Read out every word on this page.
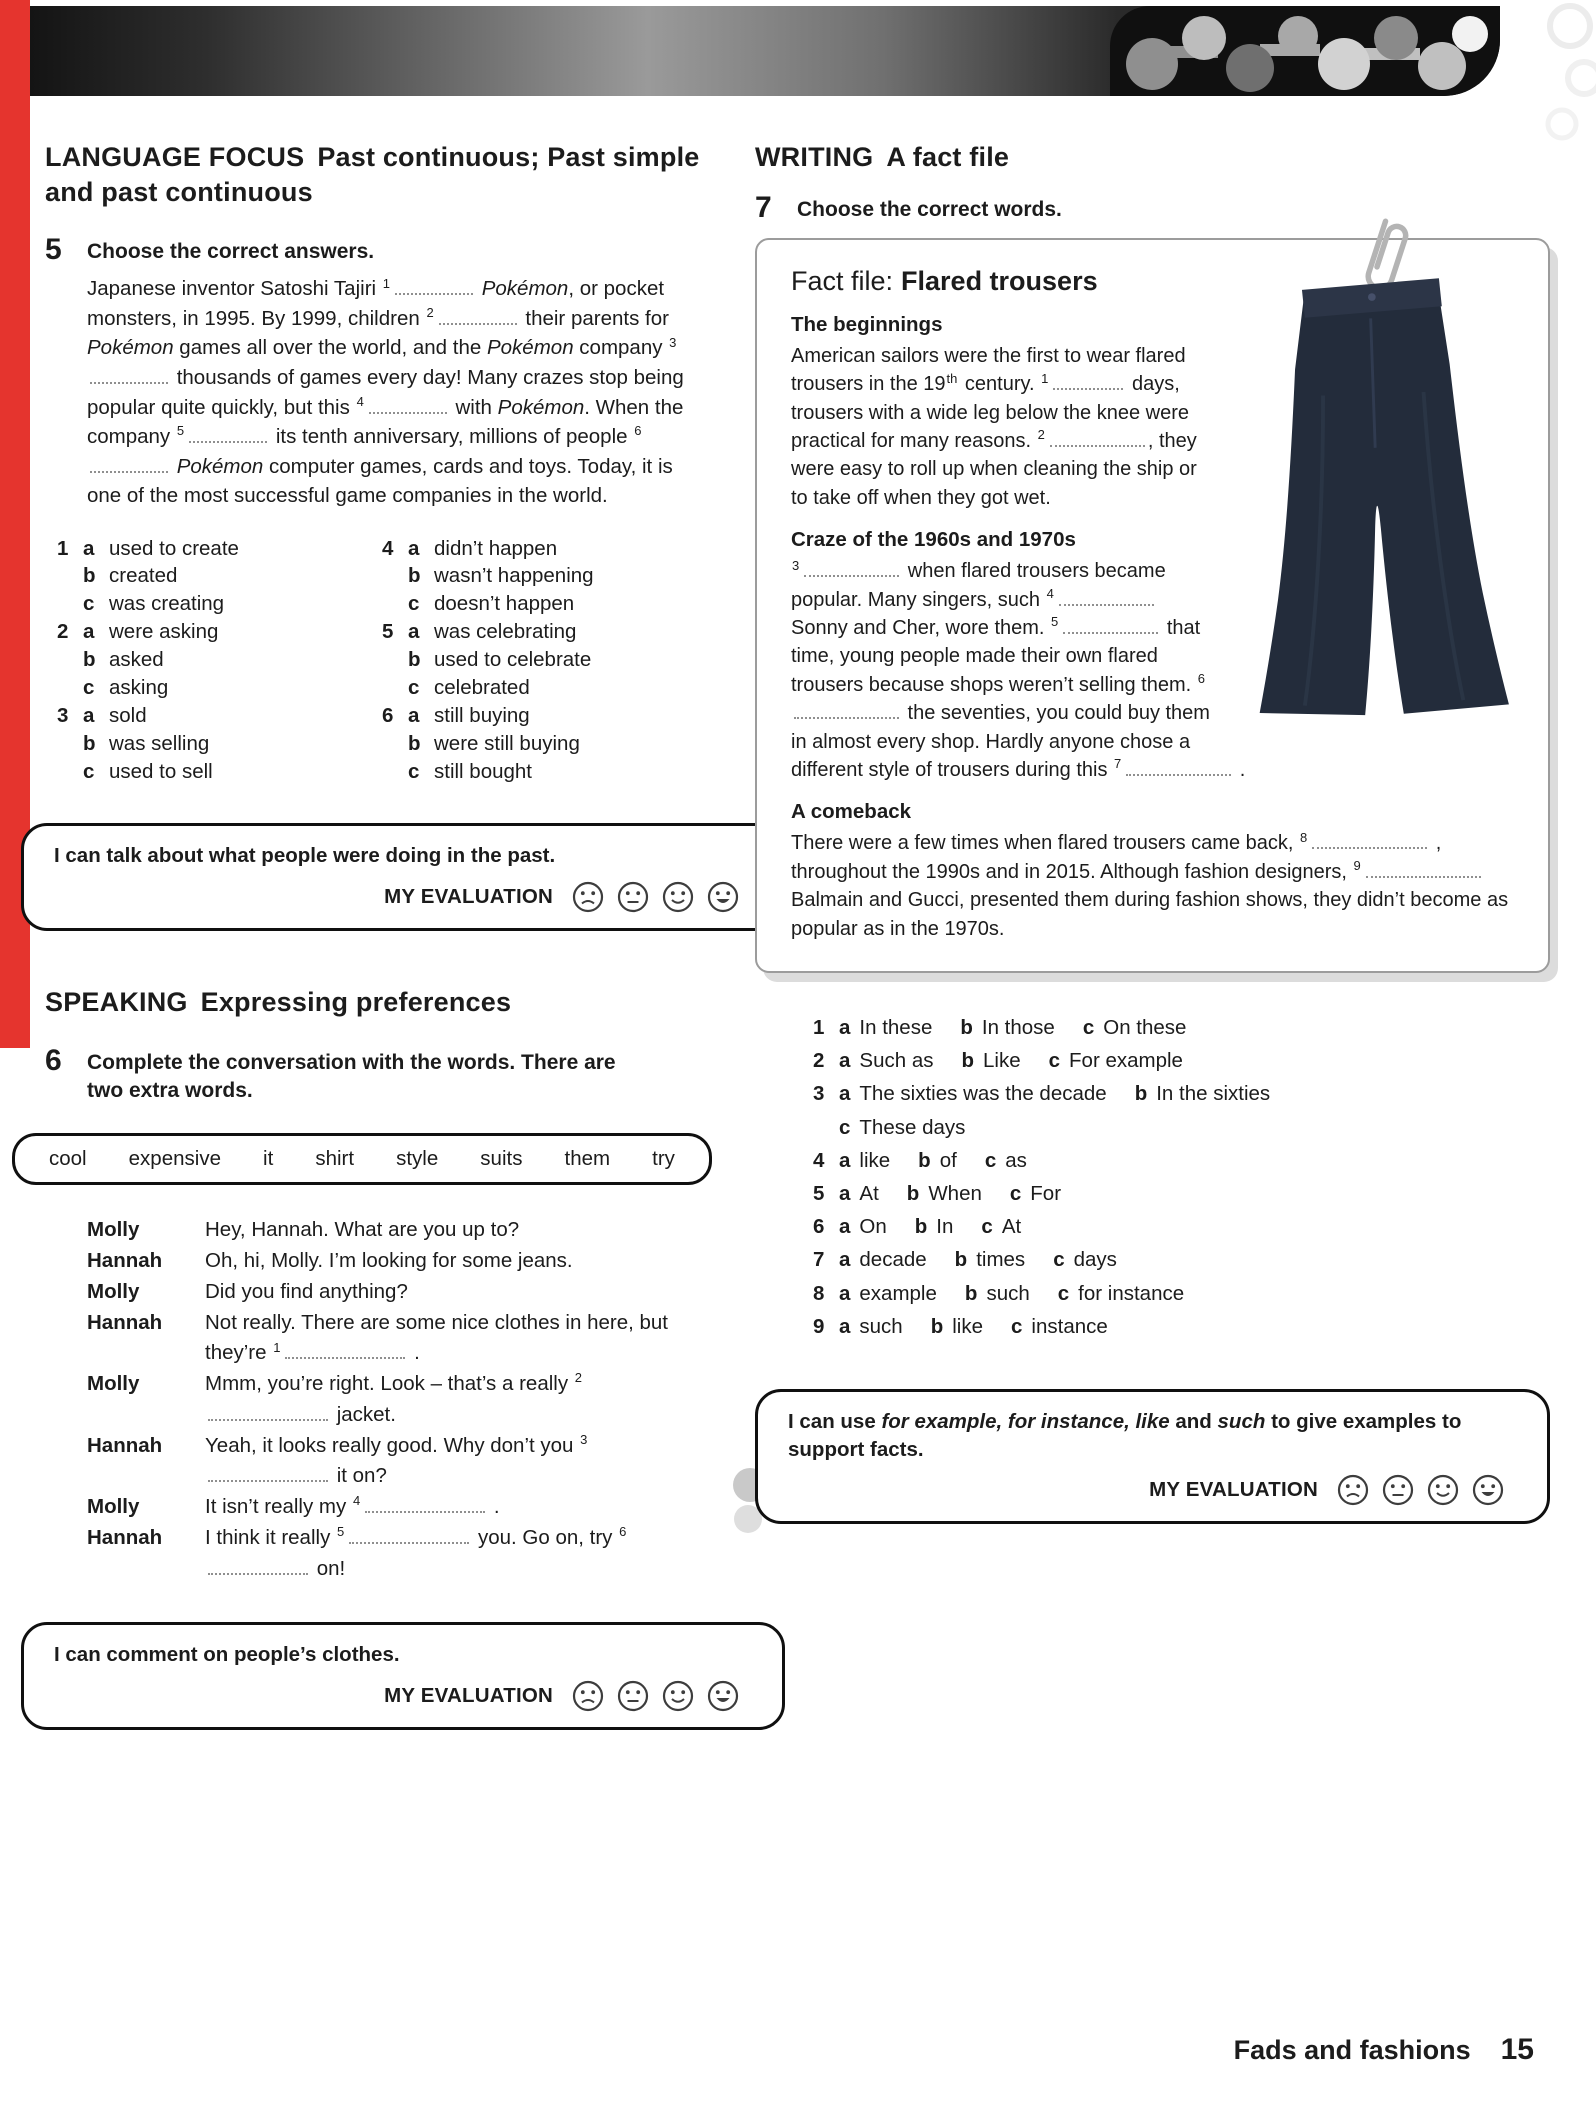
LANGUAGE FOCUS Past continuous; Past simple and past continuous
5	Choose the correct answers.

Japanese inventor Satoshi Tajiri $^1$	Pokémon, or pocket monsters, in 1995. By 1999, children $^2$	their parents for Pokémon games all over the world, and the Pokémon company $^3$ thousands of games every day! Many crazes stop being popular quite quickly, but this $^4$	with Pokémon. When the company $^5$	its tenth anniversary, millions of people $^6$ Pokémon computer games, cards and toys. Today, it is one of the most successful game companies in the world.

1 a used to create
b created
c was creating
2 a were asking
b asked
c asking
3 a sold
b was selling
c used to sell
4 a didn’t happen
b wasn’t happening
c doesn’t happen
5 a was celebrating
b used to celebrate
c celebrated
6 a still buying
b were still buying
c still bought
I can talk about what people were doing in the past.
MY EVALUATION
SPEAKING Expressing preferences
6	Complete the conversation with the words. There are two extra words.
cool expensive it shirt style suits them try
Molly	Hey, Hannah. What are you up to?
Hannah	Oh, hi, Molly. I’m looking for some jeans.
Molly	Did you find anything?
Hannah	Not really. There are some nice clothes in here, but they’re $^1$	.
Molly	Mmm, you’re right. Look – that’s a really $^2$ jacket.
Hannah	Yeah, it looks really good. Why don’t you $^3$ it on?
Molly	It isn’t really my $^4$	.
Hannah	I think it really $^5$	you. Go on, try $^6$ on!
I can comment on people’s clothes.
MY EVALUATION
WRITING A fact file
7	Choose the correct words.
Fact file: Flared trousers
The beginnings

American sailors were the first to wear flared trousers in the 19th century. $^1$	days, trousers with a wide leg below the knee were practical for many reasons. $^2$	, they were easy to roll up when cleaning the ship or to take off when they got wet.

Craze of the 1960s and 1970s

$^3$	when flared trousers became popular. Many singers, such $^4$ Sonny and Cher, wore them. $^5$	that time, young people made their own flared trousers because shops weren’t selling them. $^6$ the seventies, you could buy them in almost every shop. Hardly anyone chose a different style of trousers during this $^7$	.

A comeback

There were a few times when flared trousers came back, $^8$	, throughout the 1990s and in 2015. Although fashion designers, $^9$ Balmain and Gucci, presented them during fashion shows, they didn’t become as popular as in the 1970s.

1 a In these b In those c On these
2 a Such as b Like c For example
3 a The sixties was the decade b In the sixties
c These days
4 a like b of c as
5 a At b When c For
6 a On b In c At
7 a decade b times c days
8 a example b such c for instance
9 a such b like c instance
I can use for example, for instance, like and such to give examples to support facts.
MY EVALUATION
Fads and fashions 15
